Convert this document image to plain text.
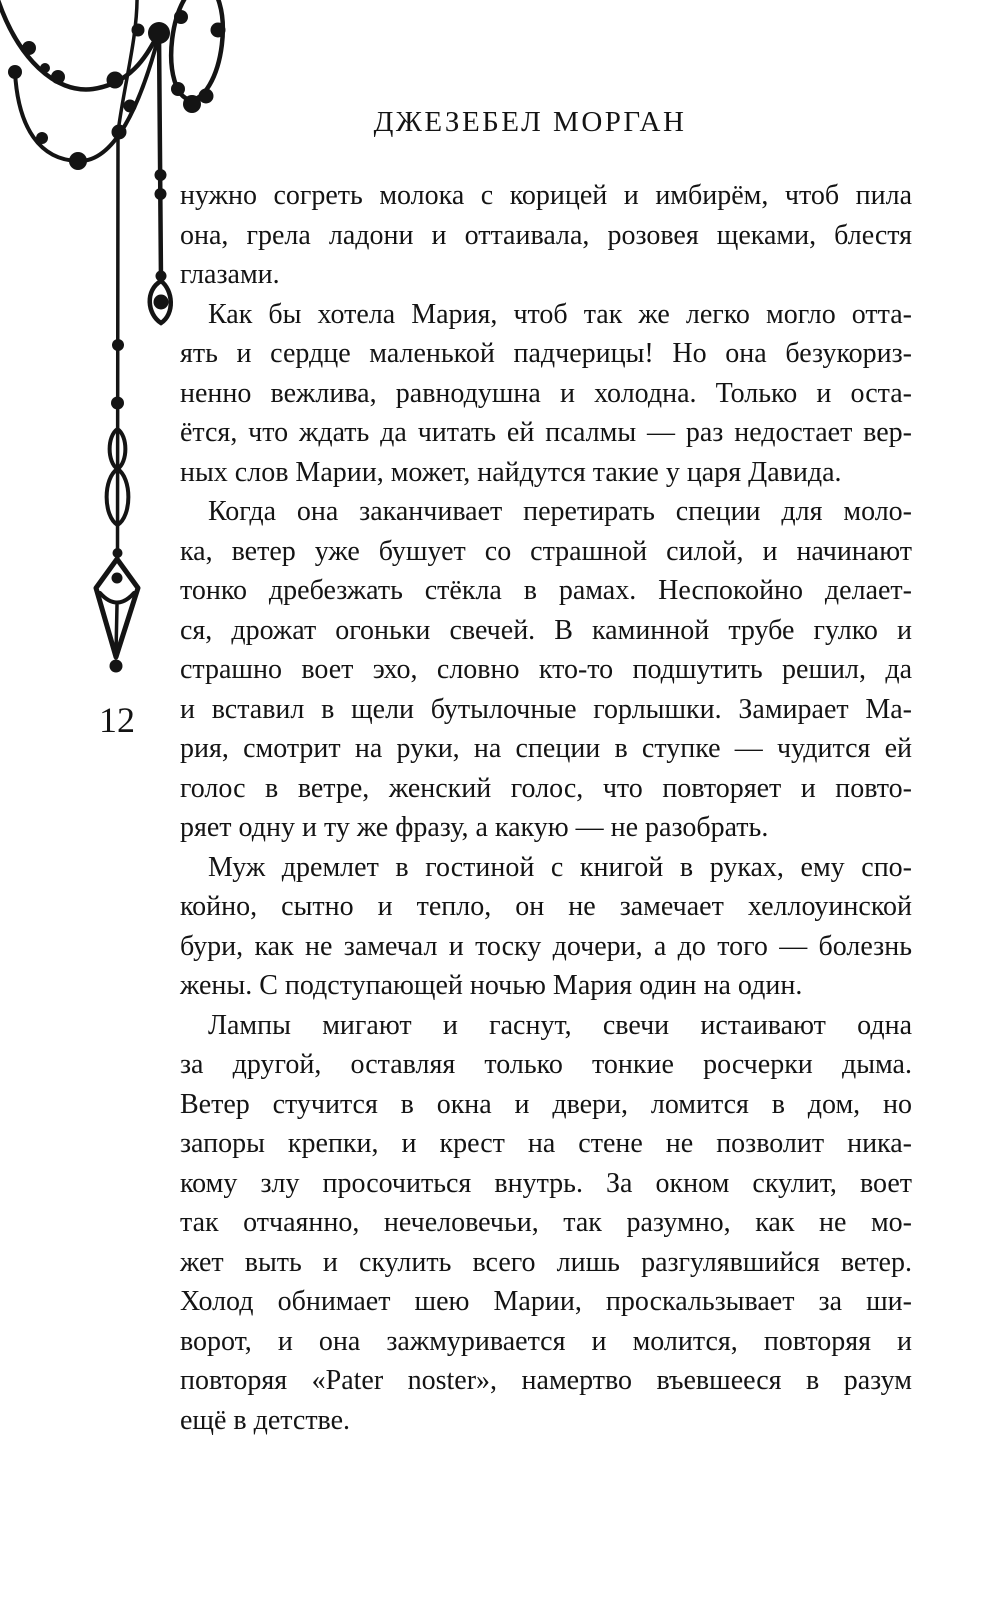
ДЖЕЗЕБЕЛ МОРГАН
12
нужно согреть молока с корицей и имбирём, чтоб пила
она, грела ладони и оттаивала, розовея щеками, блестя
глазами.
Как бы хотела Мария, чтоб так же легко могло отта-
ять и сердце маленькой падчерицы! Но она безукориз-
ненно вежлива, равнодушна и холодна. Только и оста-
ётся, что ждать да читать ей псалмы — раз недостает вер-
ных слов Марии, может, найдутся такие у царя Давида.
Когда она заканчивает перетирать специи для моло-
ка, ветер уже бушует со страшной силой, и начинают
тонко дребезжать стёкла в рамах. Неспокойно делает-
ся, дрожат огоньки свечей. В каминной трубе гулко и
страшно воет эхо, словно кто-то подшутить решил, да
и вставил в щели бутылочные горлышки. Замирает Ма-
рия, смотрит на руки, на специи в ступке — чудится ей
голос в ветре, женский голос, что повторяет и повто-
ряет одну и ту же фразу, а какую — не разобрать.
Муж дремлет в гостиной с книгой в руках, ему спо-
койно, сытно и тепло, он не замечает хеллоуинской
бури, как не замечал и тоску дочери, а до того — болезнь
жены. С подступающей ночью Мария один на один.
Лампы мигают и гаснут, свечи истаивают одна
за другой, оставляя только тонкие росчерки дыма.
Ветер стучится в окна и двери, ломится в дом, но
запоры крепки, и крест на стене не позволит ника-
кому злу просочиться внутрь. За окном скулит, воет
так отчаянно, нечеловечьи, так разумно, как не мо-
жет выть и скулить всего лишь разгулявшийся ветер.
Холод обнимает шею Марии, проскальзывает за ши-
ворот, и она зажмуривается и молится, повторяя и
повторяя «Pater noster», намертво въевшееся в разум
ещё в детстве.
